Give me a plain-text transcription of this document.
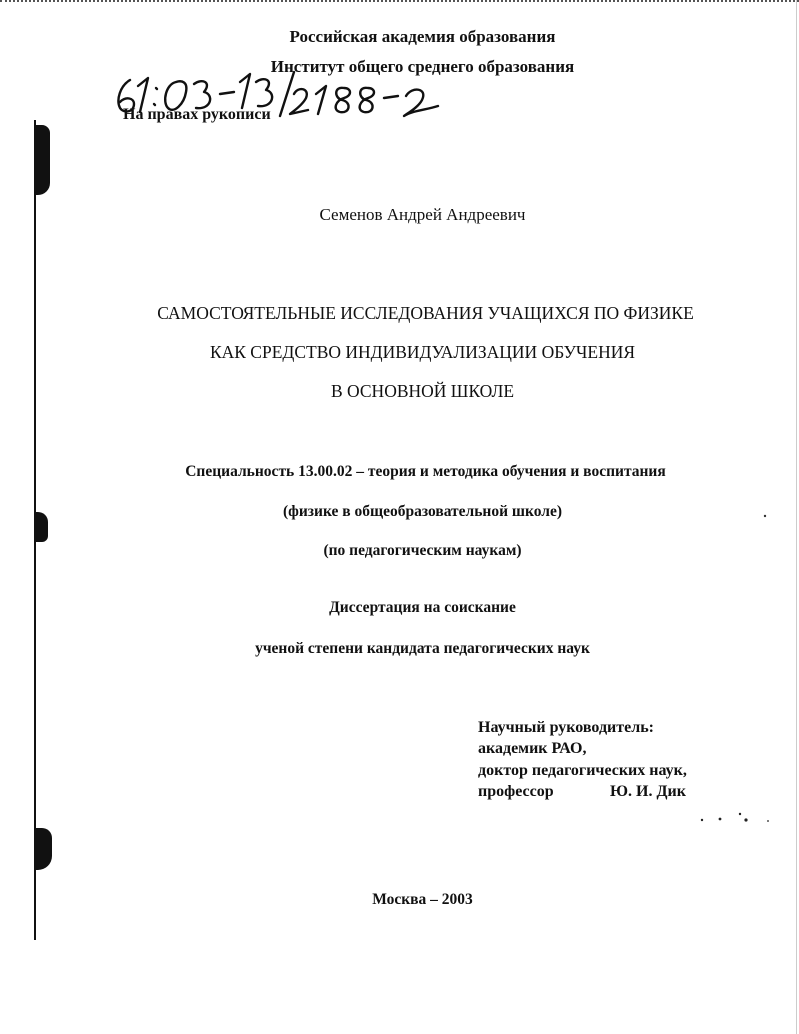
Российская академия образования
Институт общего среднего образования
На правах рукописи
Семенов Андрей Андреевич
САМОСТОЯТЕЛЬНЫЕ ИССЛЕДОВАНИЯ УЧАЩИХСЯ ПО ФИЗИКЕ
КАК СРЕДСТВО ИНДИВИДУАЛИЗАЦИИ ОБУЧЕНИЯ
В ОСНОВНОЙ ШКОЛЕ
Специальность 13.00.02 – теория и методика обучения и воспитания
(физике в общеобразовательной школе)
(по педагогическим наукам)
Диссертация на соискание
ученой степени кандидата педагогических наук
Научный руководитель:
академик РАО,
доктор педагогических наук,
профессор	Ю. И. Дик
Москва – 2003
